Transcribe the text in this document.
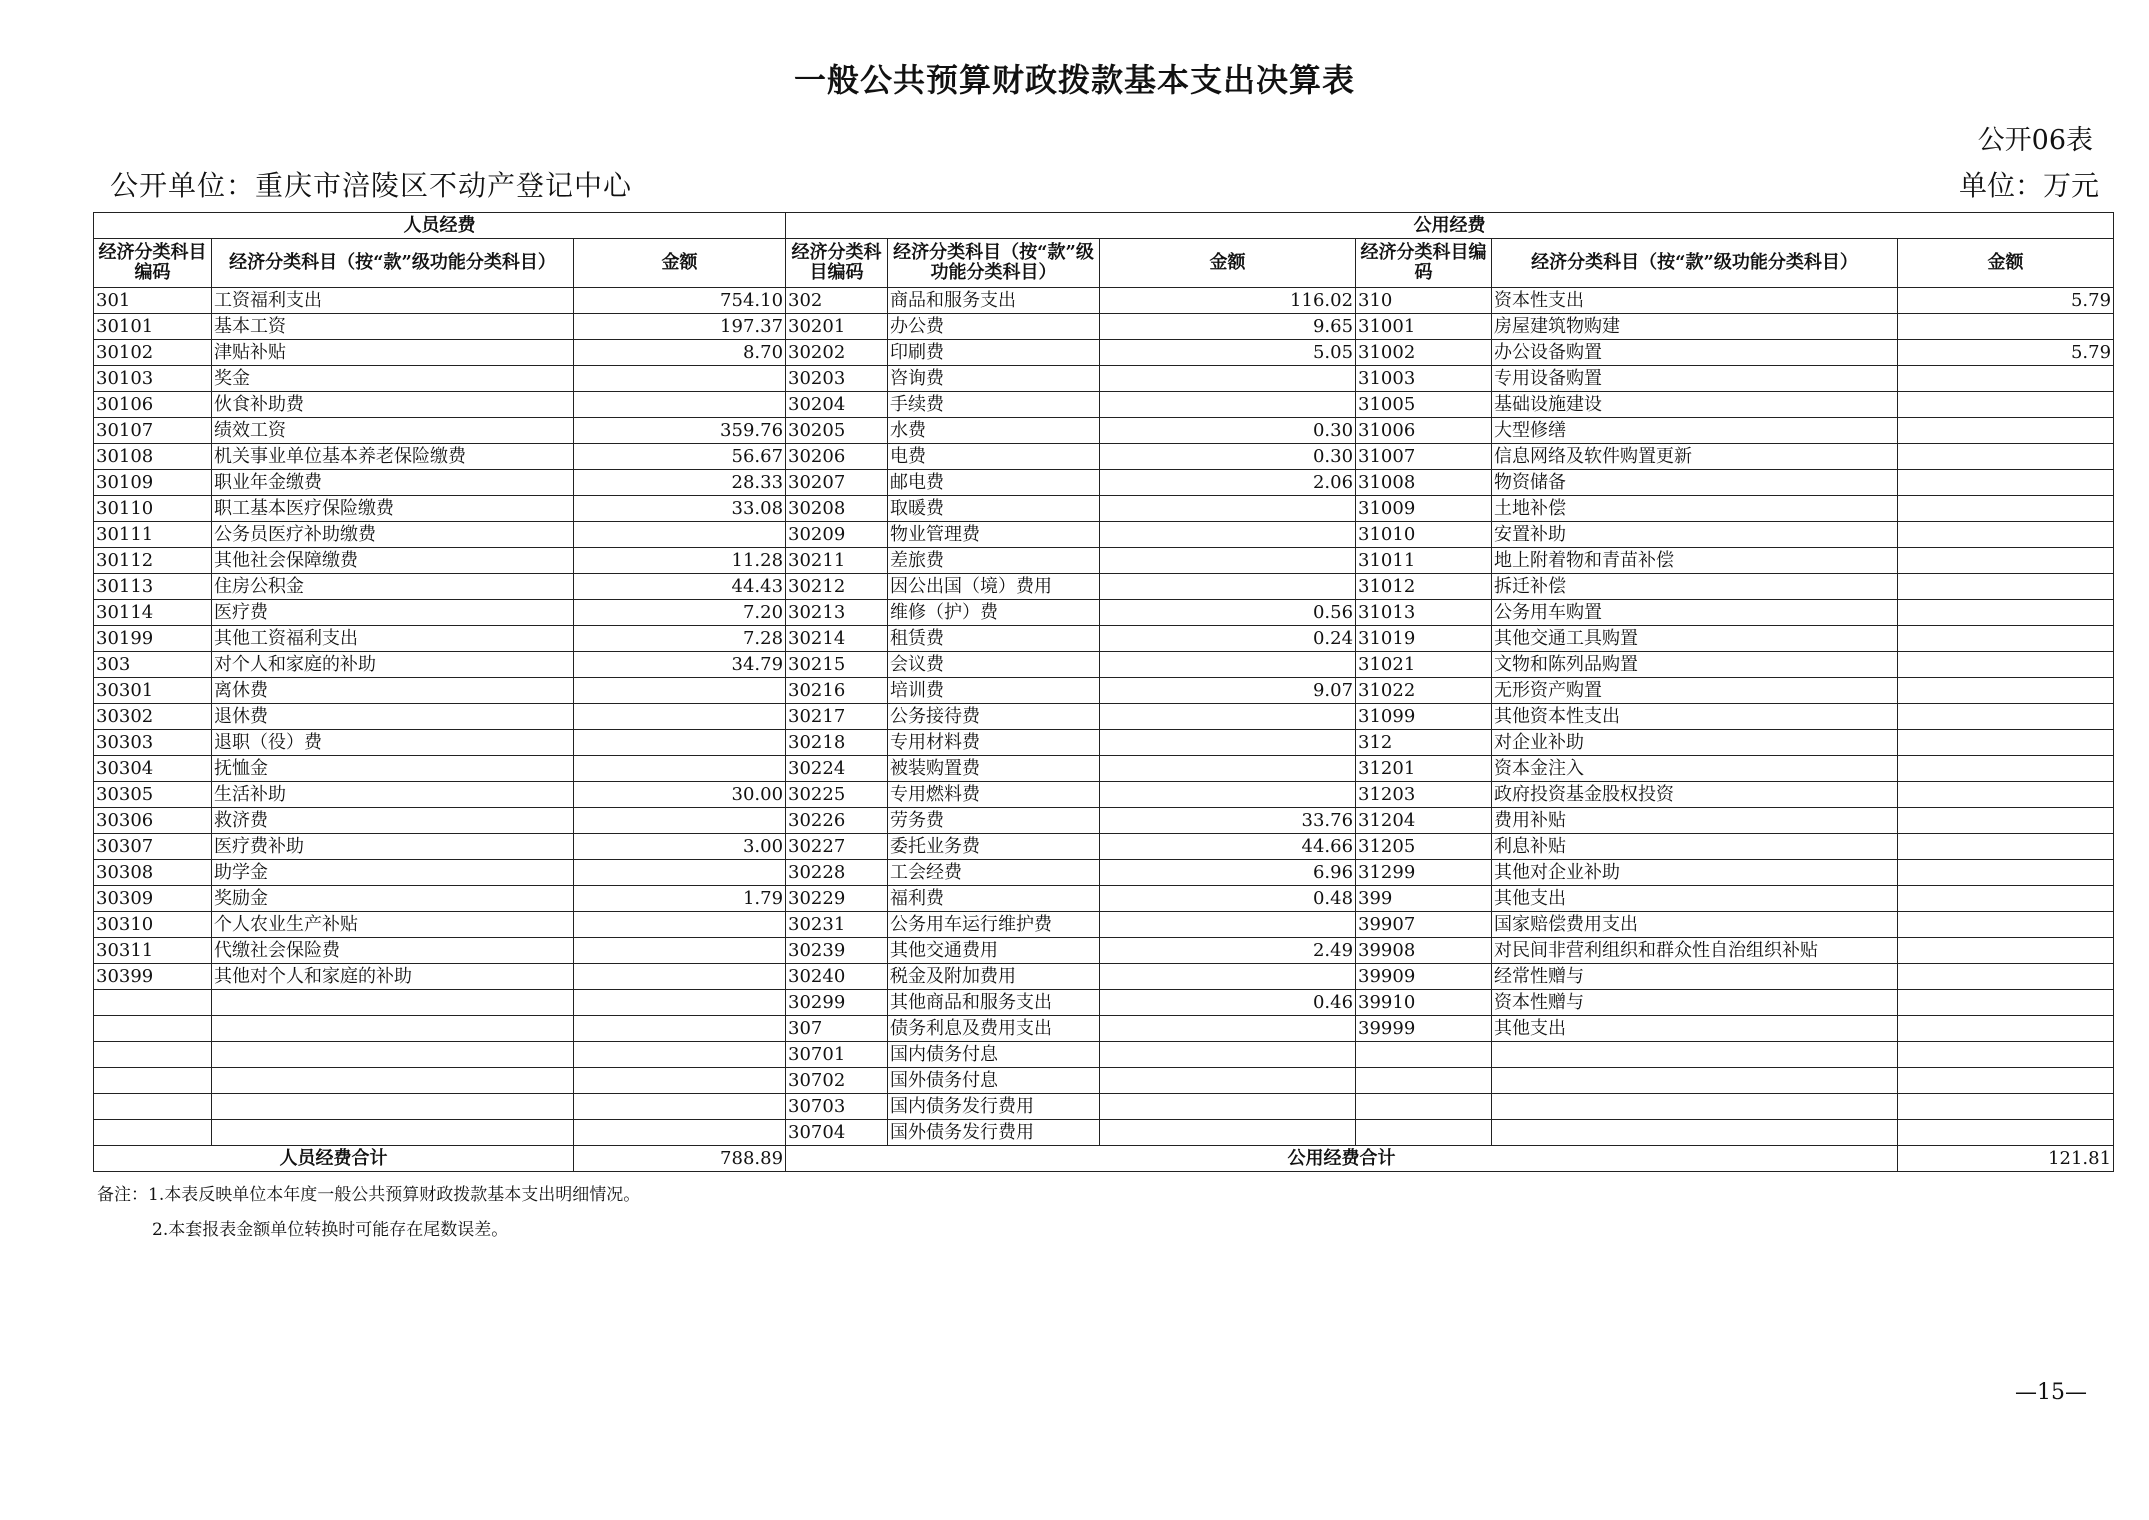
一般公共预算财政拨款基本支出决算表
公开06表
公开单位：重庆市涪陵区不动产登记中心	单位：万元
人员经费			公用经费					
经济分类科目编码	经济分类科目（按“款”级功能分类科目）	金额	经济分类科目编码	经济分类科目（按“款”级功能分类科目）	金额	经济分类科目编码	经济分类科目（按“款”级功能分类科目）	金额
301	工资福利支出	754.10	302	商品和服务支出	116.02	310	资本性支出	5.79
30101	基本工资	197.37	30201	办公费	9.65	31001	房屋建筑物购建	
30102	津贴补贴	8.70	30202	印刷费	5.05	31002	办公设备购置	5.79
30103	奖金		30203	咨询费		31003	专用设备购置	
30106	伙食补助费		30204	手续费		31005	基础设施建设	
30107	绩效工资	359.76	30205	水费	0.30	31006	大型修缮	
30108	机关事业单位基本养老保险缴费	56.67	30206	电费	0.30	31007	信息网络及软件购置更新	
30109	职业年金缴费	28.33	30207	邮电费	2.06	31008	物资储备	
30110	职工基本医疗保险缴费	33.08	30208	取暖费		31009	土地补偿	
30111	公务员医疗补助缴费		30209	物业管理费		31010	安置补助	
30112	其他社会保障缴费	11.28	30211	差旅费		31011	地上附着物和青苗补偿	
30113	住房公积金	44.43	30212	因公出国（境）费用		31012	拆迁补偿	
30114	医疗费	7.20	30213	维修（护）费	0.56	31013	公务用车购置	
30199	其他工资福利支出	7.28	30214	租赁费	0.24	31019	其他交通工具购置	
303	对个人和家庭的补助	34.79	30215	会议费		31021	文物和陈列品购置	
30301	离休费		30216	培训费	9.07	31022	无形资产购置	
30302	退休费		30217	公务接待费		31099	其他资本性支出	
30303	退职（役）费		30218	专用材料费		312	对企业补助	
30304	抚恤金		30224	被装购置费		31201	资本金注入	
30305	生活补助	30.00	30225	专用燃料费		31203	政府投资基金股权投资	
30306	救济费		30226	劳务费	33.76	31204	费用补贴	
30307	医疗费补助	3.00	30227	委托业务费	44.66	31205	利息补贴	
30308	助学金		30228	工会经费	6.96	31299	其他对企业补助	
30309	奖励金	1.79	30229	福利费	0.48	399	其他支出	
30310	个人农业生产补贴		30231	公务用车运行维护费		39907	国家赔偿费用支出	
30311	代缴社会保险费		30239	其他交通费用	2.49	39908	对民间非营利组织和群众性自治组织补贴	
30399	其他对个人和家庭的补助		30240	税金及附加费用		39909	经常性赠与	
			30299	其他商品和服务支出	0.46	39910	资本性赠与	
			307	债务利息及费用支出		39999	其他支出	
			30701	国内债务付息				
			30702	国外债务付息				
			30703	国内债务发行费用				
			30704	国外债务发行费用				
人员经费合计		788.89	公用经费合计					121.81
备注：1.本表反映单位本年度一般公共预算财政拨款基本支出明细情况。
2.本套报表金额单位转换时可能存在尾数误差。
—15—
